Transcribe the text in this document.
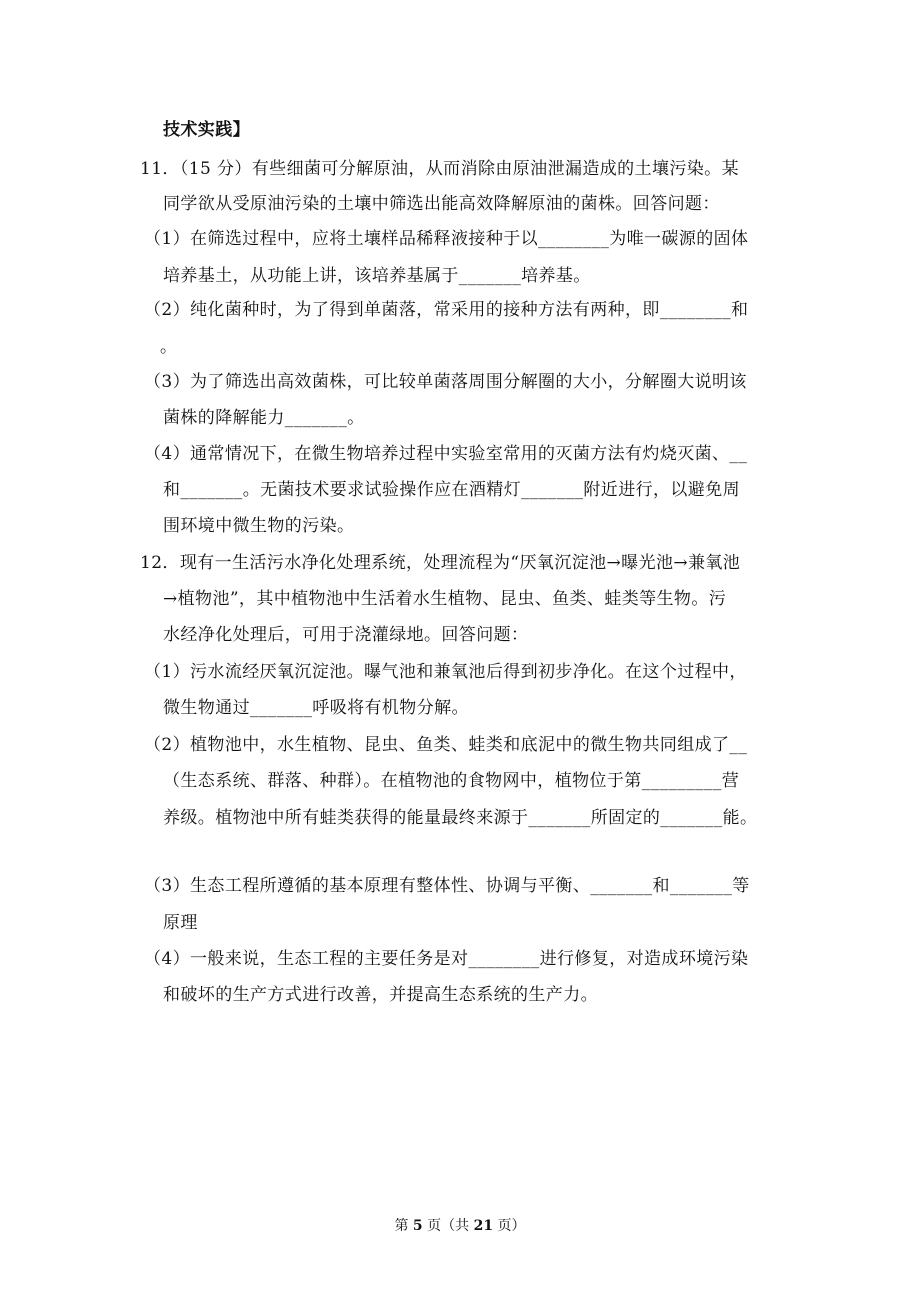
技术实践】
11．（15 分）有些细菌可分解原油，从而消除由原油泄漏造成的土壤污染。某
同学欲从受原油污染的土壤中筛选出能高效降解原油的菌株。回答问题：
（1）在筛选过程中，应将土壤样品稀释液接种于以________为唯一碳源的固体
培养基土，从功能上讲，该培养基属于_______培养基。
（2）纯化菌种时，为了得到单菌落，常采用的接种方法有两种，即________和
。
（3）为了筛选出高效菌株，可比较单菌落周围分解圈的大小，分解圈大说明该
菌株的降解能力_______。
（4）通常情况下，在微生物培养过程中实验室常用的灭菌方法有灼烧灭菌、__
和_______。无菌技术要求试验操作应在酒精灯_______附近进行，以避免周
围环境中微生物的污染。
12．现有一生活污水净化处理系统，处理流程为“厌氧沉淀池→曝光池→兼氧池
→植物池”，其中植物池中生活着水生植物、昆虫、鱼类、蛙类等生物。污
水经净化处理后，可用于浇灌绿地。回答问题：
（1）污水流经厌氧沉淀池。曝气池和兼氧池后得到初步净化。在这个过程中，
微生物通过_______呼吸将有机物分解。
（2）植物池中，水生植物、昆虫、鱼类、蛙类和底泥中的微生物共同组成了__
（生态系统、群落、种群）。在植物池的食物网中，植物位于第_________营
养级。植物池中所有蛙类获得的能量最终来源于_______所固定的_______能。
（3）生态工程所遵循的基本原理有整体性、协调与平衡、_______和_______等
原理
（4）一般来说，生态工程的主要任务是对________进行修复，对造成环境污染
和破坏的生产方式进行改善，并提高生态系统的生产力。
第 5 页（共 21 页）
